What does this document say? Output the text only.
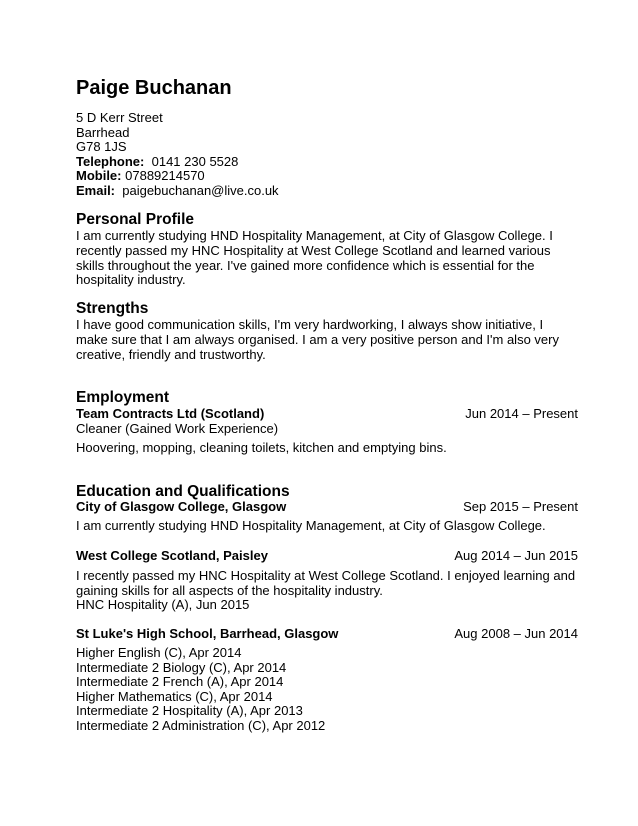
Paige Buchanan
5 D Kerr Street
Barrhead
G78 1JS
Telephone: 0141 230 5528
Mobile: 07889214570
Email: paigebuchanan@live.co.uk
Personal Profile
I am currently studying HND Hospitality Management, at City of Glasgow College. I recently passed my HNC Hospitality at West College Scotland and learned various skills throughout the year. I've gained more confidence which is essential for the hospitality industry.
Strengths
I have good communication skills, I'm very hardworking, I always show initiative, I make sure that I am always organised. I am a very positive person and I'm also very creative, friendly and trustworthy.
Employment
Team Contracts Ltd (Scotland)	Jun 2014 – Present
Cleaner (Gained Work Experience)
Hoovering, mopping, cleaning toilets, kitchen and emptying bins.
Education and Qualifications
City of Glasgow College, Glasgow	Sep 2015 – Present
I am currently studying HND Hospitality Management, at City of Glasgow College.
West College Scotland, Paisley	Aug 2014 – Jun 2015
I recently passed my HNC Hospitality at West College Scotland. I enjoyed learning and
gaining skills for all aspects of the hospitality industry.
HNC Hospitality (A), Jun 2015
St Luke's High School, Barrhead, Glasgow	Aug 2008 – Jun 2014
Higher English (C), Apr 2014
Intermediate 2 Biology (C), Apr 2014
Intermediate 2 French (A), Apr 2014
Higher Mathematics (C), Apr 2014
Intermediate 2 Hospitality (A), Apr 2013
Intermediate 2 Administration (C), Apr 2012
